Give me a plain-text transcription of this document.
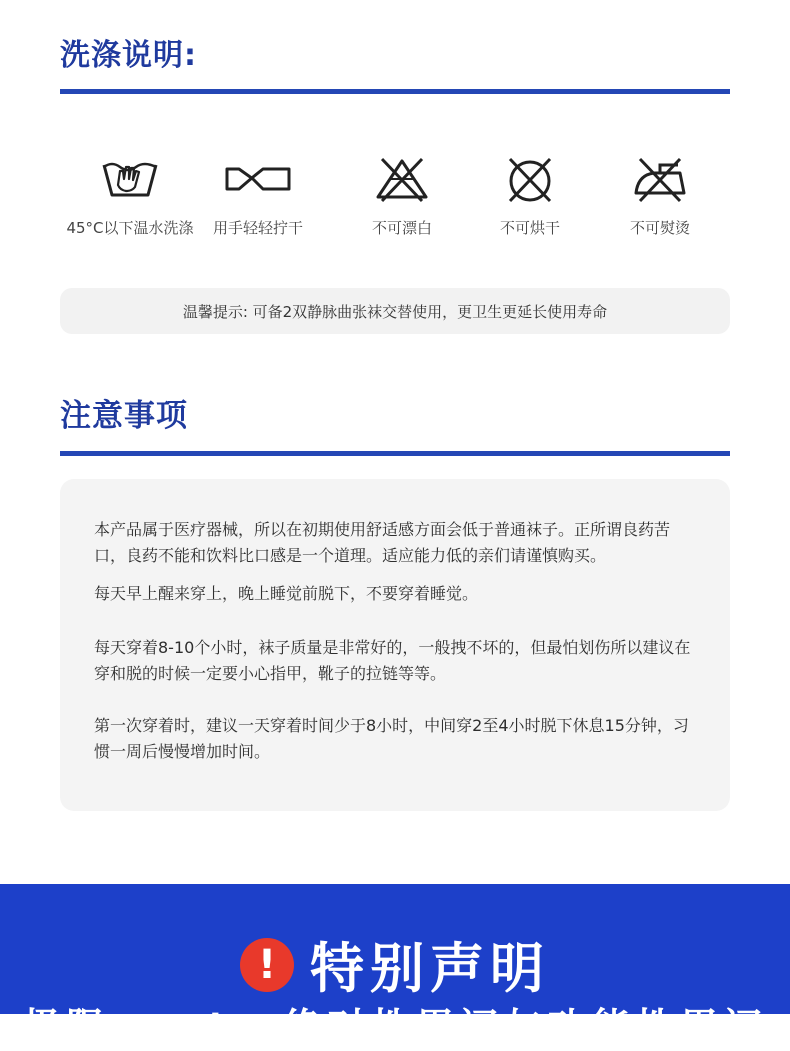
洗涤说明:
45°C以下温水洗涤	用手轻轻拧干	不可漂白	不可烘干	不可熨烫
温馨提示: 可备2双静脉曲张袜交替使用，更卫生更延长使用寿命
注意事项

本产品属于医疗器械，所以在初期使用舒适感方面会低于普通袜子。正所谓良药苦口，良药不能和饮料比口感是一个道理。适应能力低的亲们请谨慎购买。

每天早上醒来穿上，晚上睡觉前脱下，不要穿着睡觉。

每天穿着8-10个小时，袜子质量是非常好的，一般拽不坏的，但最怕划伤所以建议在穿和脱的时候一定要小心指甲，靴子的拉链等等。

第一次穿着时，建议一天穿着时间少于8小时，中间穿2至4小时脱下休息15分钟，习惯一周后慢慢增加时间。

! 特别声明
极限להיות，绝对性用词与功能性用词
